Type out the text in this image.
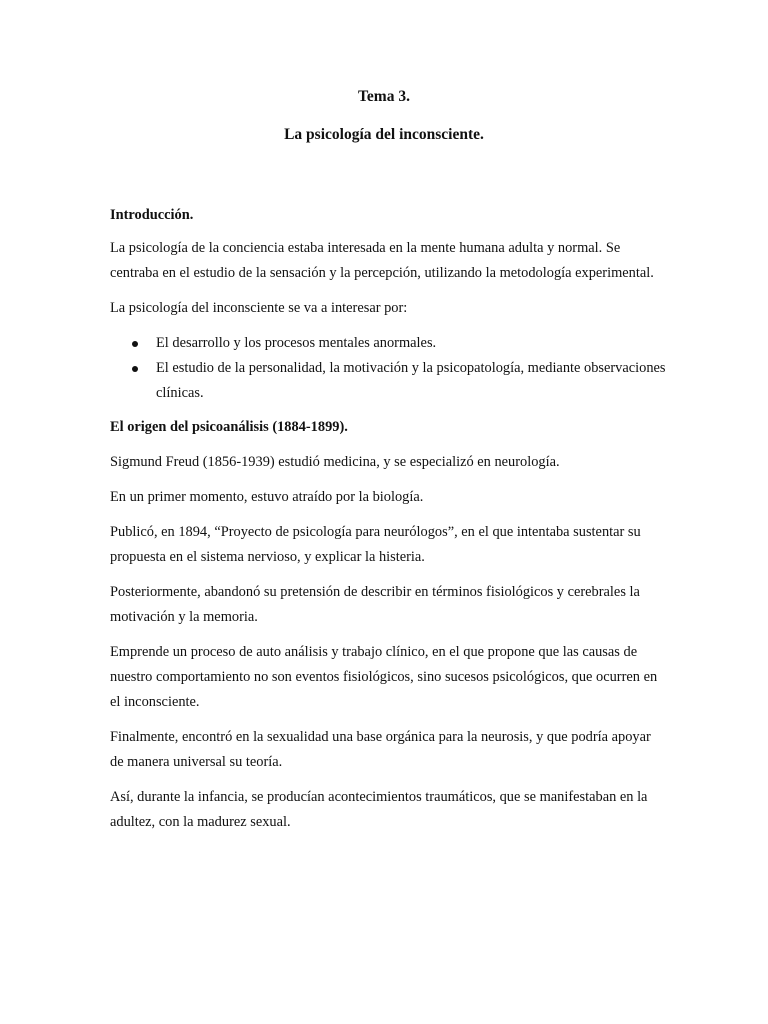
Tema 3.
La psicología del inconsciente.

Introducción.

La psicología de la conciencia estaba interesada en la mente humana adulta y normal. Se centraba en el estudio de la sensación y la percepción, utilizando la metodología experimental.

La psicología del inconsciente se va a interesar por:

El desarrollo y los procesos mentales anormales.
El estudio de la personalidad, la motivación y la psicopatología, mediante observaciones clínicas.

El origen del psicoanálisis (1884-1899).

Sigmund Freud (1856-1939) estudió medicina, y se especializó en neurología.

En un primer momento, estuvo atraído por la biología.

Publicó, en 1894, “Proyecto de psicología para neurólogos”, en el que intentaba sustentar su propuesta en el sistema nervioso, y explicar la histeria.

Posteriormente, abandonó su pretensión de describir en términos fisiológicos y cerebrales la motivación y la memoria.

Emprende un proceso de auto análisis y trabajo clínico, en el que propone que las causas de nuestro comportamiento no son eventos fisiológicos, sino sucesos psicológicos, que ocurren en el inconsciente.

Finalmente, encontró en la sexualidad una base orgánica para la neurosis, y que podría apoyar de manera universal su teoría.

Así, durante la infancia, se producían acontecimientos traumáticos, que se manifestaban en la adultez, con la madurez sexual.
